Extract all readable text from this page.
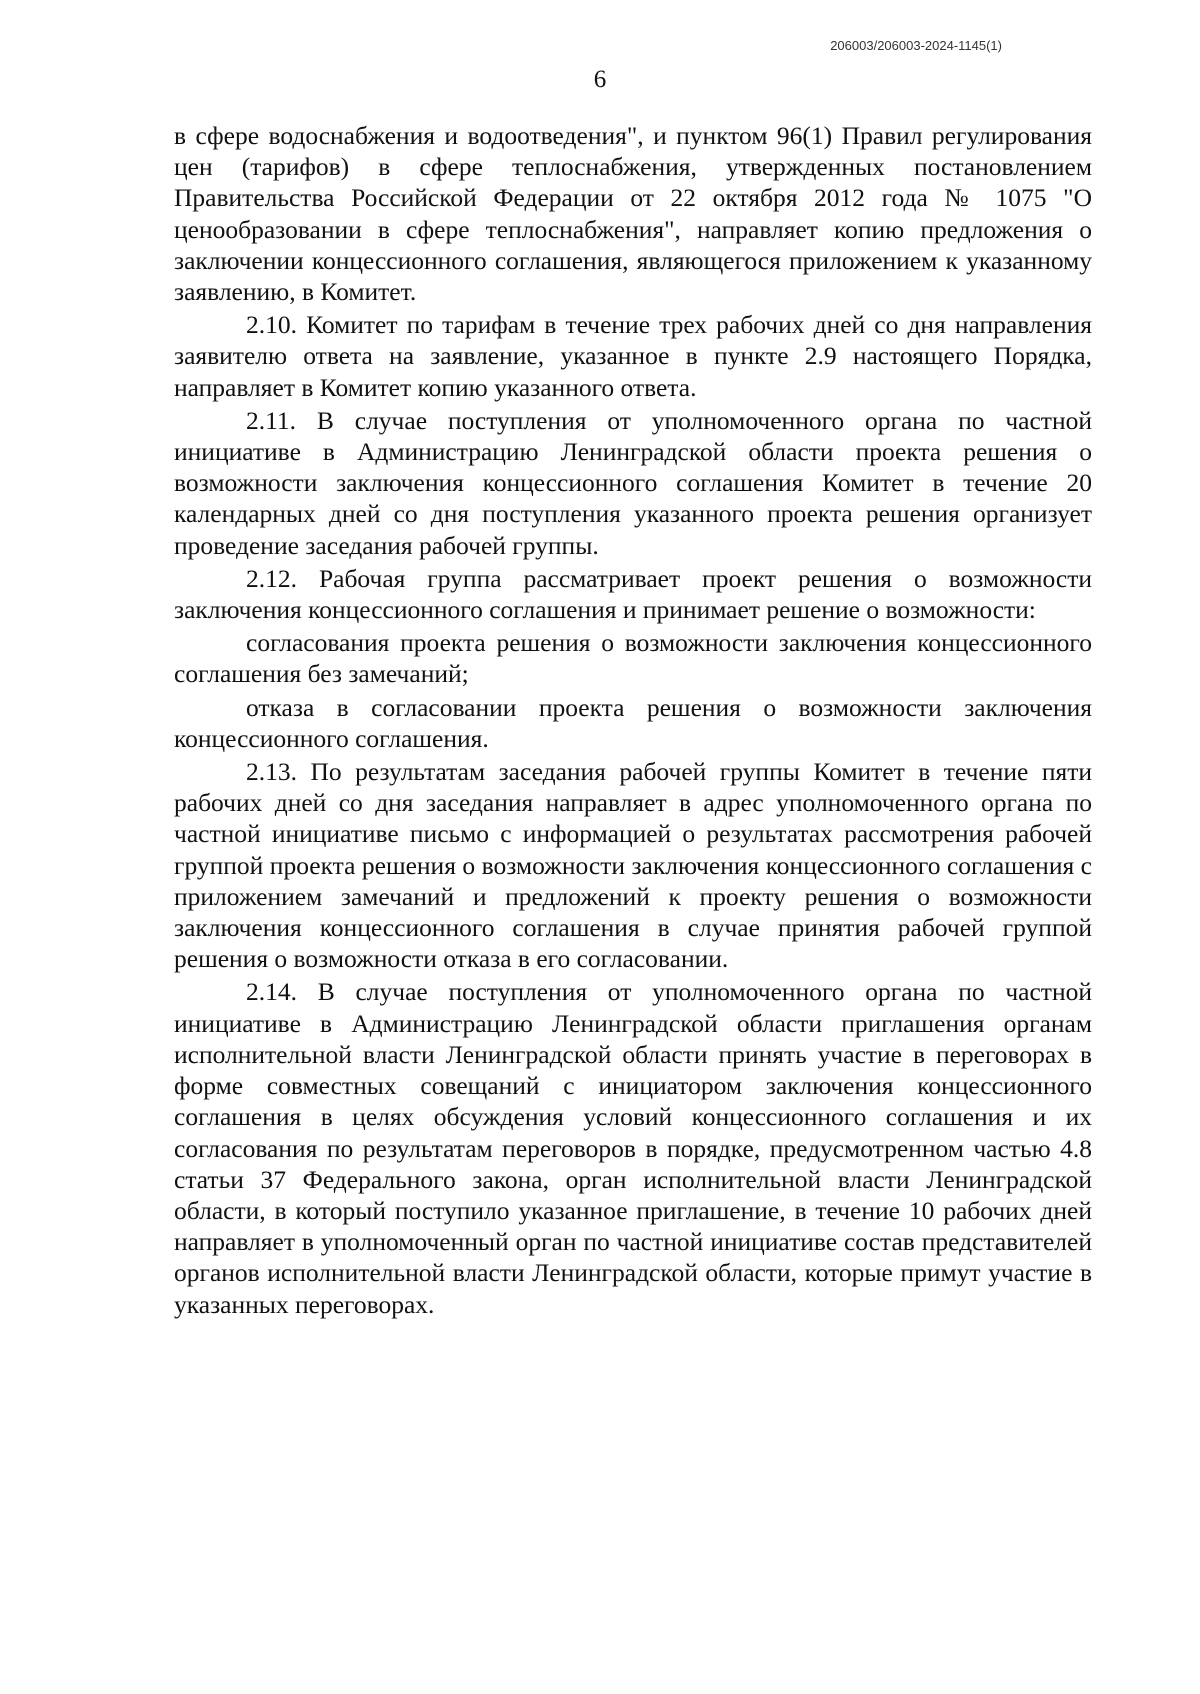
206003/206003-2024-1145(1)
6

в сфере водоснабжения и водоотведения", и пунктом 96(1) Правил регулирования цен (тарифов) в сфере теплоснабжения, утвержденных постановлением Правительства Российской Федерации от 22 октября 2012 года № 1075 "О ценообразовании в сфере теплоснабжения", направляет копию предложения о заключении концессионного соглашения, являющегося приложением к указанному заявлению, в Комитет.

2.10. Комитет по тарифам в течение трех рабочих дней со дня направления заявителю ответа на заявление, указанное в пункте 2.9 настоящего Порядка, направляет в Комитет копию указанного ответа.

2.11. В случае поступления от уполномоченного органа по частной инициативе в Администрацию Ленинградской области проекта решения о возможности заключения концессионного соглашения Комитет в течение 20 календарных дней со дня поступления указанного проекта решения организует проведение заседания рабочей группы.

2.12. Рабочая группа рассматривает проект решения о возможности заключения концессионного соглашения и принимает решение о возможности:

согласования проекта решения о возможности заключения концессионного соглашения без замечаний;

отказа в согласовании проекта решения о возможности заключения концессионного соглашения.

2.13. По результатам заседания рабочей группы Комитет в течение пяти рабочих дней со дня заседания направляет в адрес уполномоченного органа по частной инициативе письмо с информацией о результатах рассмотрения рабочей группой проекта решения о возможности заключения концессионного соглашения с приложением замечаний и предложений к проекту решения о возможности заключения концессионного соглашения в случае принятия рабочей группой решения о возможности отказа в его согласовании.

2.14. В случае поступления от уполномоченного органа по частной инициативе в Администрацию Ленинградской области приглашения органам исполнительной власти Ленинградской области принять участие в переговорах в форме совместных совещаний с инициатором заключения концессионного соглашения в целях обсуждения условий концессионного соглашения и их согласования по результатам переговоров в порядке, предусмотренном частью 4.8 статьи 37 Федерального закона, орган исполнительной власти Ленинградской области, в который поступило указанное приглашение, в течение 10 рабочих дней направляет в уполномоченный орган по частной инициативе состав представителей органов исполнительной власти Ленинградской области, которые примут участие в указанных переговорах.
